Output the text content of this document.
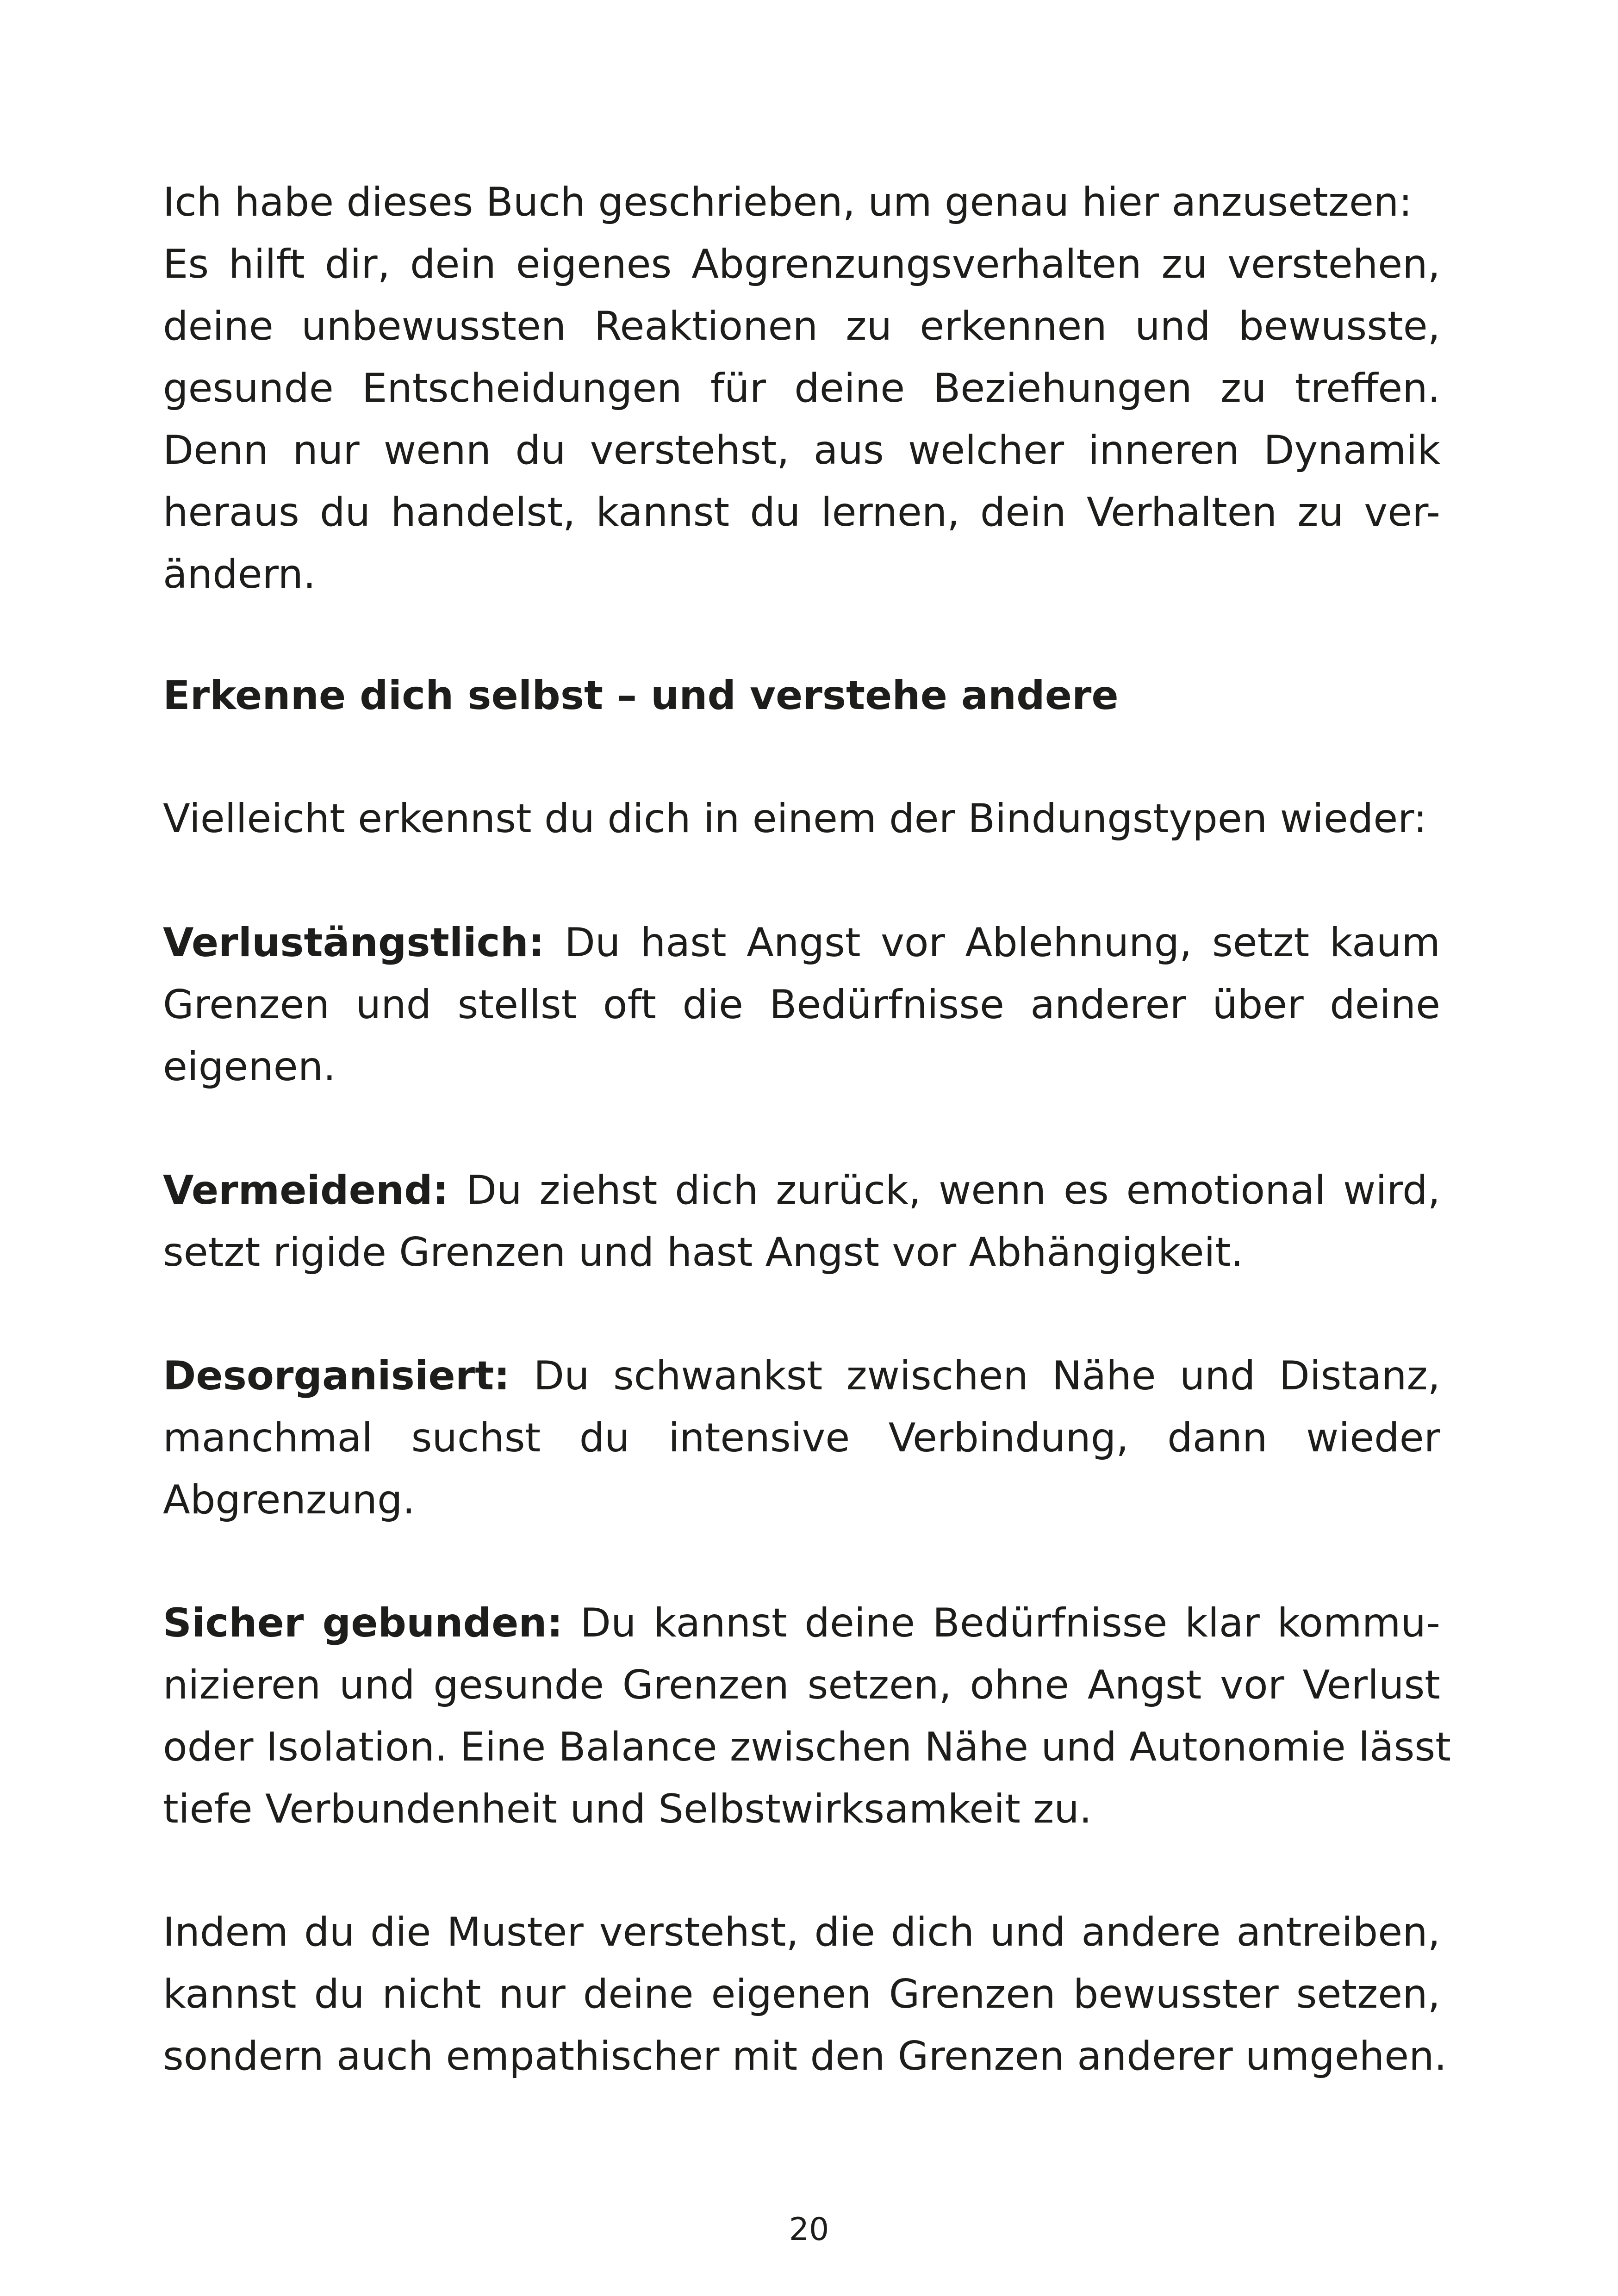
Ich habe dieses Buch geschrieben, um genau hier anzusetzen:
Es hilft dir, dein eigenes Abgrenzungsverhalten zu verstehen,
deine unbewussten Reaktionen zu erkennen und bewusste,
gesunde Entscheidungen für deine Beziehungen zu treffen.
Denn nur wenn du verstehst, aus welcher inneren Dynamik
heraus du handelst, kannst du lernen, dein Verhalten zu ver-
ändern.

Erkenne dich selbst – und verstehe andere

Vielleicht erkennst du dich in einem der Bindungstypen wieder:

Verlustängstlich: Du hast Angst vor Ablehnung, setzt kaum
Grenzen und stellst oft die Bedürfnisse anderer über deine
eigenen.

Vermeidend: Du ziehst dich zurück, wenn es emotional wird,
setzt rigide Grenzen und hast Angst vor Abhängigkeit.

Desorganisiert: Du schwankst zwischen Nähe und Distanz,
manchmal suchst du intensive Verbindung, dann wieder
Abgrenzung.

Sicher gebunden: Du kannst deine Bedürfnisse klar kommu-
nizieren und gesunde Grenzen setzen, ohne Angst vor Verlust
oder Isolation. Eine Balance zwischen Nähe und Autonomie lässt
tiefe Verbundenheit und Selbstwirksamkeit zu.

Indem du die Muster verstehst, die dich und andere antreiben,
kannst du nicht nur deine eigenen Grenzen bewusster setzen,
sondern auch empathischer mit den Grenzen anderer umgehen.

20
